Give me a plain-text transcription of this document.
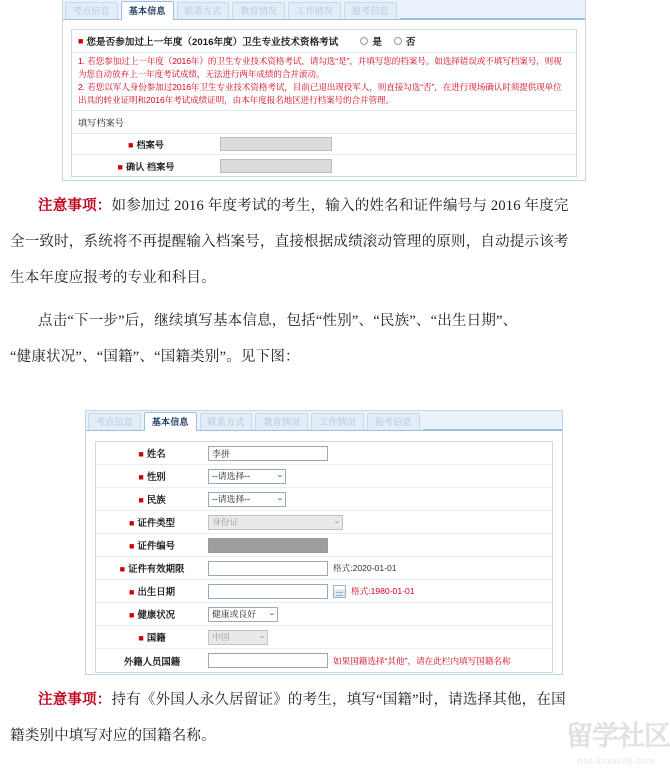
考点信息	基本信息	联系方式	教育情况	工作情况	报考信息
■ 您是否参加过上一年度（2016年度）卫生专业技术资格考试	是	否
1. 若您参加过上一年度（2016年）的卫生专业技术资格考试，请勾选“是”，并填写您的档案号。如选择错误或不填写档案号，则视为您自动放弃上一年度考试成绩，无法进行两年成绩的合并滚动。
2. 若您以军人身份参加过2016年卫生专业技术资格考试，目前已退出现役军人，则直接勾选“否”，在进行现场确认时须提供现单位出具的转业证明和2016年考试成绩证明，由本年度报名地区进行档案号的合并管理。
填写档案号
■ 档案号
■ 确认 档案号
注意事项：如参加过 2016 年度考试的考生，输入的姓名和证件编号与 2016 年度完
全一致时，系统将不再提醒输入档案号，直接根据成绩滚动管理的原则，自动提示该考
生本年度应报考的专业和科目。
点击“下一步”后，继续填写基本信息，包括“性别”、“民族”、“出生日期”、
“健康状况”、“国籍”、“国籍类别”。见下图：
考点信息	基本信息	联系方式	教育情况	工作情况	报考信息
■ 姓名	李拼
■ 性别	--请选择--	⌄
■ 民族	--请选择--	⌄
■ 证件类型	身份证	⌄
■ 证件编号
■ 证件有效期限	格式:2020-01-01
■ 出生日期	格式:1980-01-01
■ 健康状况	健康或良好 ⌄
■ 国籍	中国	⌄
外籍人员国籍	如果国籍选择“其他”，请在此栏内填写国籍名称
注意事项：持有《外国人永久居留证》的考生，填写“国籍”时，请选择其他，在国
籍类别中填写对应的国籍名称。	留学社区
bbs.liuxue86.com
